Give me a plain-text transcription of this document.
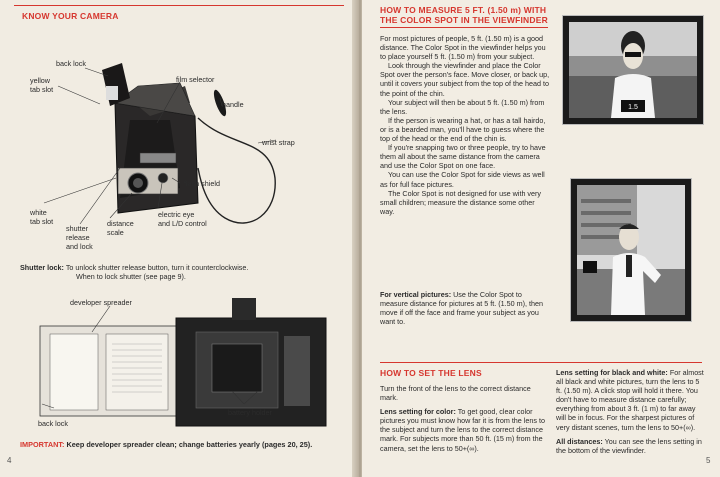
KNOW YOUR CAMERA
back lock
yellow
tab slot
film selector
handle
wrist strap
flash shield
white
tab slot
shutter
release
and lock
distance
scale
electric eye
and L/D control
Shutter lock: To unlock shutter release button, turn it counterclockwise.
When to lock shutter (see page 9).
developer spreader
back lock
battery holder
IMPORTANT: Keep developer spreader clean; change batteries yearly (pages 20, 25).
4
HOW TO MEASURE 5 FT. (1.50 m) WITH
THE COLOR SPOT IN THE VIEWFINDER

For most pictures of people, 5 ft. (1.50 m) is a good distance. The Color Spot in the viewfinder helps you to place yourself 5 ft. (1.50 m) from your subject.

Look through the viewfinder and place the Color Spot over the person's face. Move closer, or back up, until it covers your subject from the top of the head to the point of the chin.

Your subject will then be about 5 ft. (1.50 m) from the lens.

If the person is wearing a hat, or has a tall hairdo, or is a bearded man, you'll have to guess where the top of the head or the end of the chin is.

If you're snapping two or three people, try to have them all about the same distance from the camera and use the Color Spot on one face.

You can use the Color Spot for side views as well as for full face pictures.

The Color Spot is not designed for use with very small children; measure the distance some other way.

For vertical pictures: Use the Color Spot to measure distance for pictures at 5 ft. (1.50 m), then move if off the face and frame your subject as you want to.
1.5
HOW TO SET THE LENS

Turn the front of the lens to the correct distance mark.

Lens setting for color: To get good, clear color pictures you must know how far it is from the lens to the subject and turn the lens to the correct distance mark. For subjects more than 50 ft. (15 m) from the camera, set the lens to 50+(∞).

Lens setting for black and white: For almost all black and white pictures, turn the lens to 5 ft. (1.50 m). A click stop will hold it there. You don't have to measure distance carefully; everything from about 3 ft. (1 m) to far away will be in focus. For the sharpest pictures of very distant scenes, turn the lens to 50+(∞).

All distances: You can see the lens setting in the bottom of the viewfinder.

5
